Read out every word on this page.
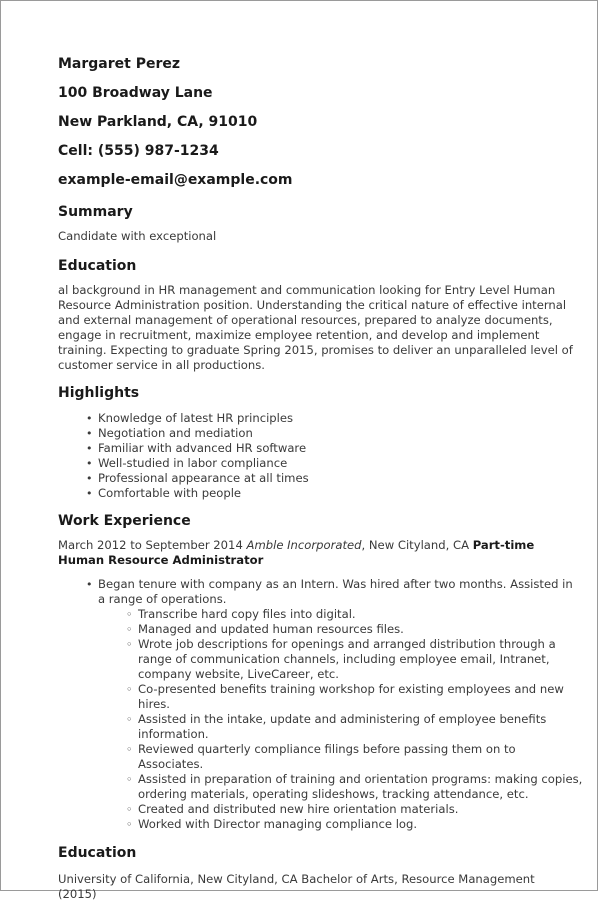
Margaret Perez

100 Broadway Lane

New Parkland, CA, 91010

Cell: (555) 987-1234

example-email@example.com

Summary

Candidate with exceptional

Education

al background in HR management and communication looking for Entry Level Human Resource Administration position. Understanding the critical nature of effective internal and external management of operational resources, prepared to analyze documents, engage in recruitment, maximize employee retention, and develop and implement training. Expecting to graduate Spring 2015, promises to deliver an unparalleled level of customer service in all productions.

Highlights
• Knowledge of latest HR principles
• Negotiation and mediation
• Familiar with advanced HR software
• Well-studied in labor compliance
• Professional appearance at all times
• Comfortable with people
Work Experience

March 2012 to September 2014 Amble Incorporated, New Cityland, CA Part-time Human Resource Administrator

• Began tenure with company as an Intern. Was hired after two months. Assisted in a range of operations.
◦ Transcribe hard copy files into digital.
◦ Managed and updated human resources files.
◦ Wrote job descriptions for openings and arranged distribution through a range of communication channels, including employee email, Intranet, company website, LiveCareer, etc.
◦ Co-presented benefits training workshop for existing employees and new hires.
◦ Assisted in the intake, update and administering of employee benefits information.
◦ Reviewed quarterly compliance filings before passing them on to Associates.
◦ Assisted in preparation of training and orientation programs: making copies, ordering materials, operating slideshows, tracking attendance, etc.
◦ Created and distributed new hire orientation materials.
◦ Worked with Director managing compliance log.
Education

University of California, New Cityland, CA Bachelor of Arts, Resource Management (2015)
